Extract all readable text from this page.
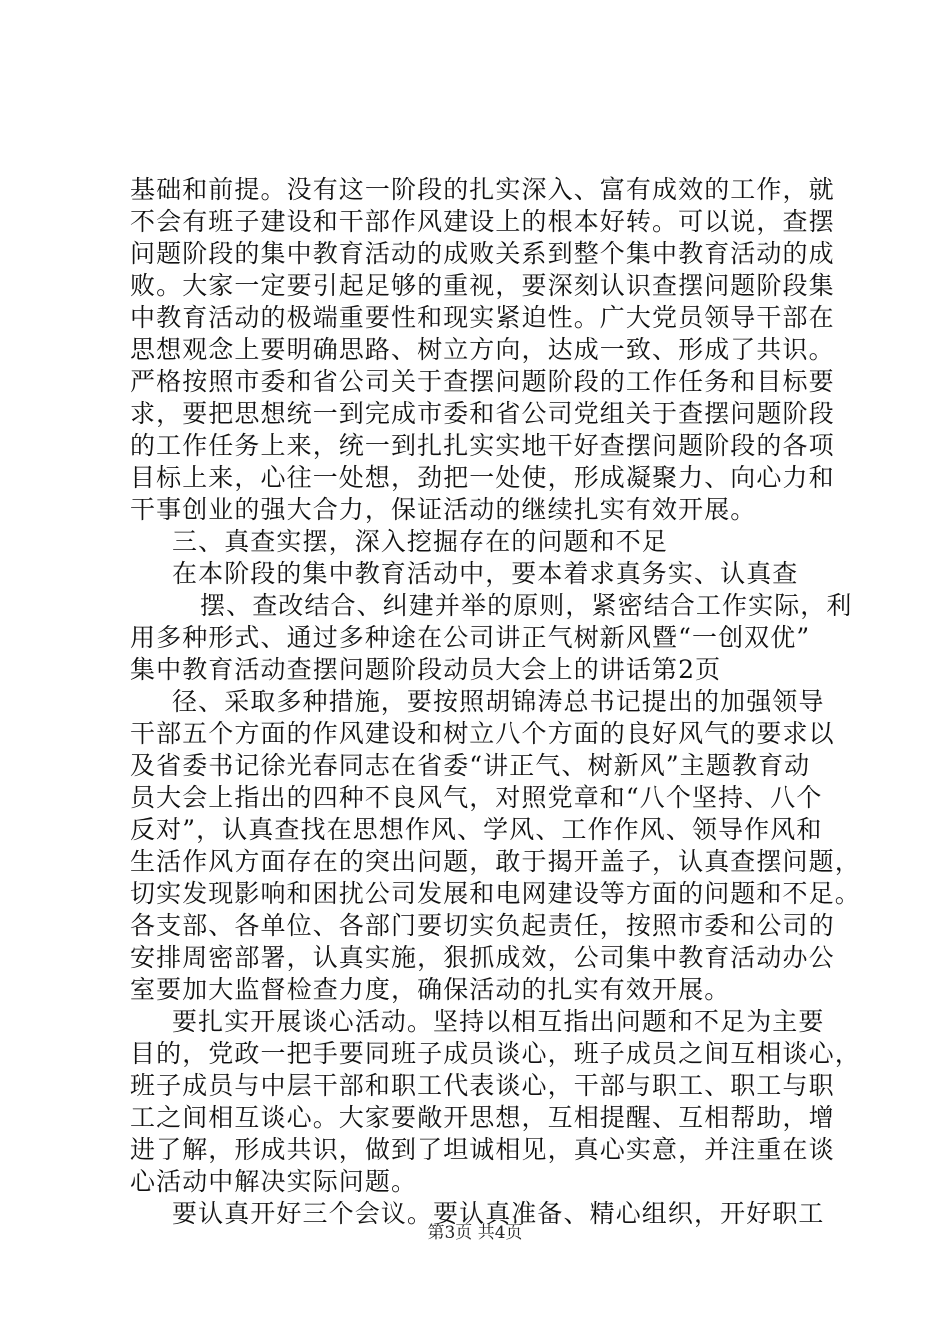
基础和前提。没有这一阶段的扎实深入、富有成效的工作，就
不会有班子建设和干部作风建设上的根本好转。可以说，查摆
问题阶段的集中教育活动的成败关系到整个集中教育活动的成
败。大家一定要引起足够的重视，要深刻认识查摆问题阶段集
中教育活动的极端重要性和现实紧迫性。广大党员领导干部在
思想观念上要明确思路、树立方向，达成一致、形成了共识。
严格按照市委和省公司关于查摆问题阶段的工作任务和目标要
求，要把思想统一到完成市委和省公司党组关于查摆问题阶段
的工作任务上来，统一到扎扎实实地干好查摆问题阶段的各项
目标上来，心往一处想，劲把一处使，形成凝聚力、向心力和
干事创业的强大合力，保证活动的继续扎实有效开展。
三、真查实摆，深入挖掘存在的问题和不足
在本阶段的集中教育活动中，要本着求真务实、认真查
摆、查改结合、纠建并举的原则，紧密结合工作实际，利
用多种形式、通过多种途在公司讲正气树新风暨“一创双优”
集中教育活动查摆问题阶段动员大会上的讲话第2页
径、采取多种措施，要按照胡锦涛总书记提出的加强领导
干部五个方面的作风建设和树立八个方面的良好风气的要求以
及省委书记徐光春同志在省委“讲正气、树新风”主题教育动
员大会上指出的四种不良风气，对照党章和“八个坚持、八个
反对”，认真查找在思想作风、学风、工作作风、领导作风和
生活作风方面存在的突出问题，敢于揭开盖子，认真查摆问题，
切实发现影响和困扰公司发展和电网建设等方面的问题和不足。
各支部、各单位、各部门要切实负起责任，按照市委和公司的
安排周密部署，认真实施，狠抓成效，公司集中教育活动办公
室要加大监督检查力度，确保活动的扎实有效开展。
要扎实开展谈心活动。坚持以相互指出问题和不足为主要
目的，党政一把手要同班子成员谈心，班子成员之间互相谈心，
班子成员与中层干部和职工代表谈心，干部与职工、职工与职
工之间相互谈心。大家要敞开思想，互相提醒、互相帮助，增
进了解，形成共识，做到了坦诚相见，真心实意，并注重在谈
心活动中解决实际问题。
要认真开好三个会议。要认真准备、精心组织，开好职工
第3页 共4页
